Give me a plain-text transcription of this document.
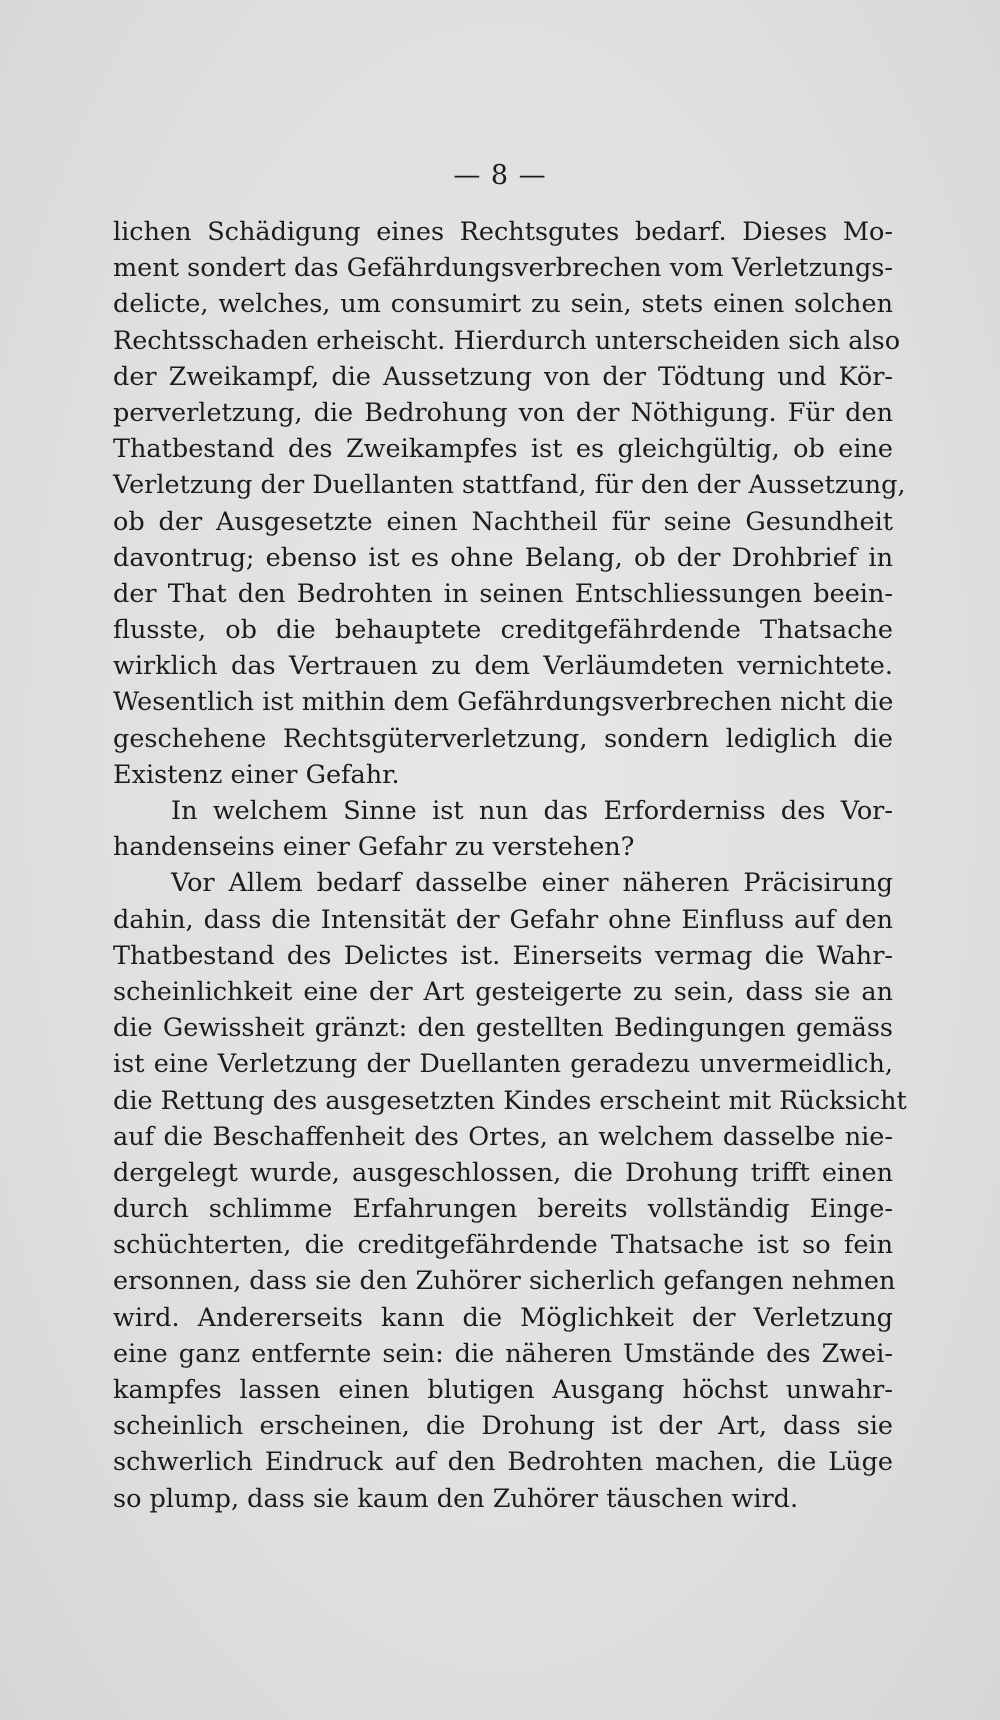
— 8 —
lichen Schädigung eines Rechtsgutes bedarf. Dieses Mo-
ment sondert das Gefährdungsverbrechen vom Verletzungs-
delicte, welches, um consumirt zu sein, stets einen solchen
Rechtsschaden erheischt. Hierdurch unterscheiden sich also
der Zweikampf, die Aussetzung von der Tödtung und Kör-
perverletzung, die Bedrohung von der Nöthigung. Für den
Thatbestand des Zweikampfes ist es gleichgültig, ob eine
Verletzung der Duellanten stattfand, für den der Aussetzung,
ob der Ausgesetzte einen Nachtheil für seine Gesundheit
davontrug; ebenso ist es ohne Belang, ob der Drohbrief in
der That den Bedrohten in seinen Entschliessungen beein-
flusste, ob die behauptete creditgefährdende Thatsache
wirklich das Vertrauen zu dem Verläumdeten vernichtete.
Wesentlich ist mithin dem Gefährdungsverbrechen nicht die
geschehene Rechtsgüterverletzung, sondern lediglich die
Existenz einer Gefahr.
In welchem Sinne ist nun das Erforderniss des Vor-
handenseins einer Gefahr zu verstehen?
Vor Allem bedarf dasselbe einer näheren Präcisirung
dahin, dass die Intensität der Gefahr ohne Einfluss auf den
Thatbestand des Delictes ist. Einerseits vermag die Wahr-
scheinlichkeit eine der Art gesteigerte zu sein, dass sie an
die Gewissheit gränzt: den gestellten Bedingungen gemäss
ist eine Verletzung der Duellanten geradezu unvermeidlich,
die Rettung des ausgesetzten Kindes erscheint mit Rücksicht
auf die Beschaffenheit des Ortes, an welchem dasselbe nie-
dergelegt wurde, ausgeschlossen, die Drohung trifft einen
durch schlimme Erfahrungen bereits vollständig Einge-
schüchterten, die creditgefährdende Thatsache ist so fein
ersonnen, dass sie den Zuhörer sicherlich gefangen nehmen
wird. Andererseits kann die Möglichkeit der Verletzung
eine ganz entfernte sein: die näheren Umstände des Zwei-
kampfes lassen einen blutigen Ausgang höchst unwahr-
scheinlich erscheinen, die Drohung ist der Art, dass sie
schwerlich Eindruck auf den Bedrohten machen, die Lüge
so plump, dass sie kaum den Zuhörer täuschen wird.
